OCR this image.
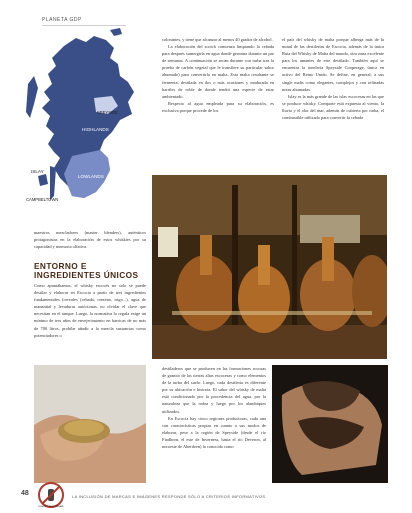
PLANETA GDP
SPEYSIDE
HIGHLANDS
ISLAY
LOWLANDS
CAMPBELTOWN

colorantes, y tiene que alcanzar al menos 40 grados de alcohol.

La elaboración del scotch comienza limpiando la cebada para después sumergirla en agua donde germina durante un par de semanas. A continuación se secan durante con turba tras la prueba de carbón vegetal que le transfiere su particular sabor ahumado) para convertirla en malta. Esta malta resultante se fermenta, destilada en dos o más ocasiones y madurada en barriles de roble de donde tendrá una especie de estar ambientado.

Respecto al agua empleada para su elaboración, es exclusiva porque procede de los

el país del whisky de malta porque alberga más de la mitad de las destilerías de Escocia, además de la única Ruta del Whisky de Malta del mundo, otra zona excelente para los amantes de este destilado. También aquí se encuentra la tonelería Speyside Cooperage, única en activo del Reino Unido. Se define, en general, a sus single malts como elegantes, complejos y con refinadas notas ahumadas.

Islay es la más grande de las islas escocesas en las que se produce whisky. Comparte está expuesta al viento, la lluvia y el olor del mar, además de cubierta por turba, el combustible utilizado para convertir la cebada

maestros mezcladores (master blenders), auténticos protagonistas en la elaboración de estos whiskies por su capacidad y memoria olfativa.

ENTORNO E INGREDIENTES ÚNICOS

Como apuntábamos, el whisky escocés no solo se puede destilar y elaborar en Escocia a partir de tres ingredientes fundamentales (cereales (cebada, centeno, trigo...), agua de manantial y levaduras autóctonas, no olvidar el clave que necesitan en el tanque. Luego, la normativa lo regula exige un mínimo de tres años de envejecimiento en barricas de no más de 700 litros, prohíbe añadir a la mezcla sustancias como potenciadores o

destiladeros que se producen en las formaciones rocosas de granito de las tierras altas escocesas y como elementos de la turba del suelo. Luego, cada destilería es diferente por su ubicación e historia. El sabor del whisky de malta está condicionado por la procedencia del agua, por la naturaleza que la rodea y luego por los alambiques utilizados.

En Escocia hay cinco regiones productoras, cada una con características propias en cuanto a sus modos de elaborar, pese a la región de Speyside (desde el río Findhorn, el este de Inverness, hasta el río Deveron, al noroeste de Aberdeen) la conocida como

48
CONSUMO RESPONSABLE
LA INCLUSIÓN DE MARCAS E IMÁGENES RESPONDE SÓLO A CRITERIOS INFORMATIVOS
